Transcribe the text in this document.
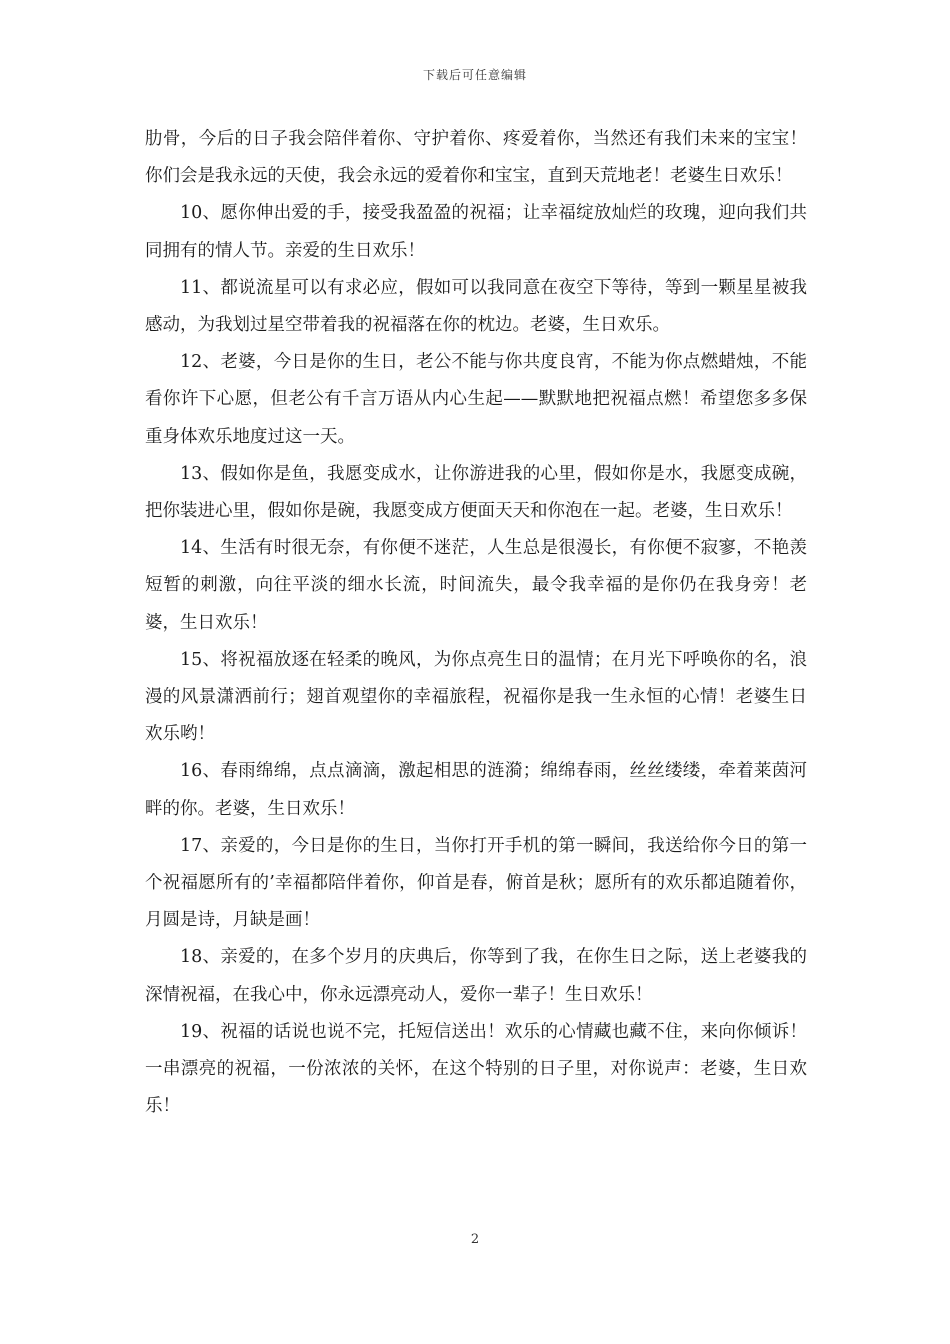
下载后可任意编辑

肋骨，今后的日子我会陪伴着你、守护着你、疼爱着你，当然还有我们未来的宝宝！你们会是我永远的天使，我会永远的爱着你和宝宝，直到天荒地老！老婆生日欢乐！

10、愿你伸出爱的手，接受我盈盈的祝福；让幸福绽放灿烂的玫瑰，迎向我们共同拥有的情人节。亲爱的生日欢乐！

11、都说流星可以有求必应，假如可以我同意在夜空下等待，等到一颗星星被我感动，为我划过星空带着我的祝福落在你的枕边。老婆，生日欢乐。

12、老婆，今日是你的生日，老公不能与你共度良宵，不能为你点燃蜡烛，不能看你许下心愿，但老公有千言万语从内心生起——默默地把祝福点燃！希望您多多保重身体欢乐地度过这一天。

13、假如你是鱼，我愿变成水，让你游进我的心里，假如你是水，我愿变成碗，把你装进心里，假如你是碗，我愿变成方便面天天和你泡在一起。老婆，生日欢乐！

14、生活有时很无奈，有你便不迷茫，人生总是很漫长，有你便不寂寥，不艳羡短暂的刺激，向往平淡的细水长流，时间流失，最令我幸福的是你仍在我身旁！老婆，生日欢乐！

15、将祝福放逐在轻柔的晚风，为你点亮生日的温情；在月光下呼唤你的名，浪漫的风景潇洒前行；翅首观望你的幸福旅程，祝福你是我一生永恒的心情！老婆生日欢乐哟！

16、春雨绵绵，点点滴滴，激起相思的涟漪；绵绵春雨，丝丝缕缕，牵着莱茵河畔的你。老婆，生日欢乐！

17、亲爱的，今日是你的生日，当你打开手机的第一瞬间，我送给你今日的第一个祝福愿所有的’幸福都陪伴着你，仰首是春，俯首是秋；愿所有的欢乐都追随着你，月圆是诗，月缺是画！

18、亲爱的，在多个岁月的庆典后，你等到了我，在你生日之际，送上老婆我的深情祝福，在我心中，你永远漂亮动人，爱你一辈子！生日欢乐！

19、祝福的话说也说不完，托短信送出！欢乐的心情藏也藏不住，来向你倾诉！一串漂亮的祝福，一份浓浓的关怀，在这个特别的日子里，对你说声：老婆，生日欢乐！

2
